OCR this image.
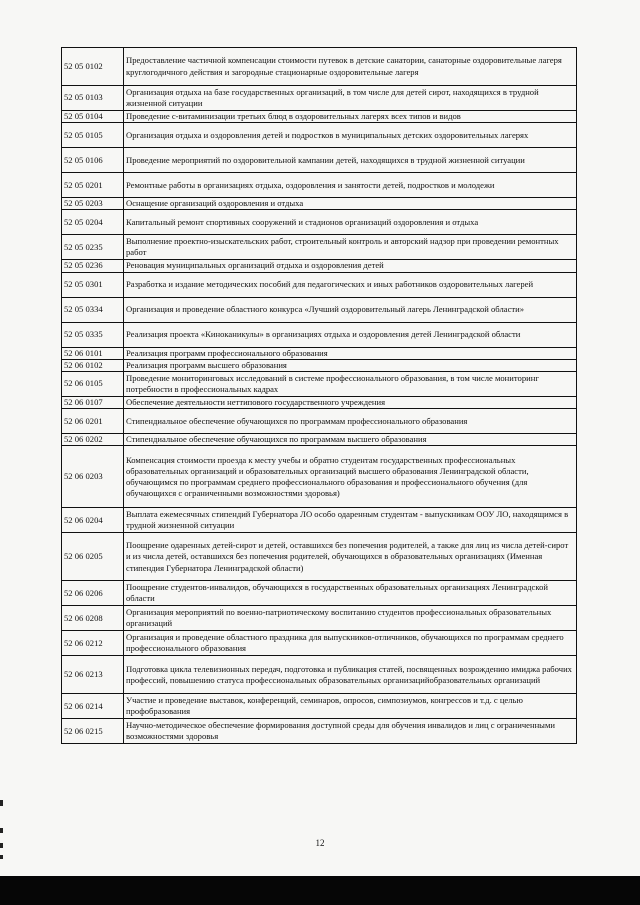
52 05 0102	Предоставление частичной компенсации стоимости путевок в детские санатории, санаторные оздоровительные лагеря круглогодичного действия и загородные стационарные оздоровительные лагеря
52 05 0103	Организация отдыха на базе государственных организаций, в том числе для детей сирот, находящихся в трудной жизненной ситуации
52 05 0104	Проведение с-витаминизации третьих блюд в оздоровительных лагерях всех типов и видов
52 05 0105	Организация отдыха и оздоровления детей и подростков в муниципальных детских оздоровительных лагерях
52 05 0106	Проведение мероприятий по оздоровительной кампании детей, находящихся в трудной жизненной ситуации
52 05 0201	Ремонтные работы в организациях отдыха, оздоровления и занятости детей, подростков и молодежи
52 05 0203	Оснащение организаций оздоровления и отдыха
52 05 0204	Капитальный ремонт спортивных сооружений и стадионов организаций оздоровления и отдыха
52 05 0235	Выполнение проектно-изыскательских работ, строительный контроль и авторский надзор при проведении ремонтных работ
52 05 0236	Реновация муниципальных организаций отдыха и оздоровления детей
52 05 0301	Разработка и издание методических пособий для педагогических и иных работников оздоровительных лагерей
52 05 0334	Организация и проведение областного конкурса «Лучший оздоровительный лагерь Ленинградской области»
52 05 0335	Реализация проекта «Киноканикулы» в организациях отдыха и оздоровления детей Ленинградской области
52 06 0101	Реализация программ профессионального образования
52 06 0102	Реализация программ высшего образования
52 06 0105	Проведение мониторинговых исследований в системе профессионального образования, в том числе мониторинг потребности в профессиональных кадрах
52 06 0107	Обеспечение деятельности неттипового государственного учреждения
52 06 0201	Стипендиальное обеспечение обучающихся по программам профессионального образования
52 06 0202	Стипендиальное обеспечение обучающихся по программам высшего образования
52 06 0203	Компенсация стоимости проезда к месту учебы и обратно студентам государственных профессиональных образовательных организаций и образовательных организаций высшего образования Ленинградской области, обучающимся по программам среднего профессионального образования и профессионального обучения (для обучающихся с ограниченными возможностями здоровья)
52 06 0204	Выплата ежемесячных стипендий Губернатора ЛО особо одаренным студентам - выпускникам ООУ ЛО, находящимся в трудной жизненной ситуации
52 06 0205	Поощрение одаренных детей-сирот и детей, оставшихся без попечения родителей, а также для лиц из числа детей-сирот и из числа детей, оставшихся без попечения родителей, обучающихся в образовательных организациях (Именная стипендия Губернатора Ленинградской области)
52 06 0206	Поощрение студентов-инвалидов, обучающихся в государственных образовательных организациях Ленинградской области
52 06 0208	Организация мероприятий по военно-патриотическому воспитанию студентов профессиональных образовательных организаций
52 06 0212	Организация и проведение областного праздника для выпускников-отличников, обучающихся по программам среднего профессионального образования
52 06 0213	Подготовка цикла телевизионных передач, подготовка и публикация статей, посвященных возрождению имиджа рабочих профессий, повышению статуса профессиональных образовательных организацийобразовательных организаций
52 06 0214	Участие и проведение выставок, конференций, семинаров, опросов, симпозиумов, конгрессов и т.д. с целью профобразования
52 06 0215	Научно-методическое обеспечение формирования доступной среды для обучения инвалидов и лиц с ограниченными возможностями здоровья
12
